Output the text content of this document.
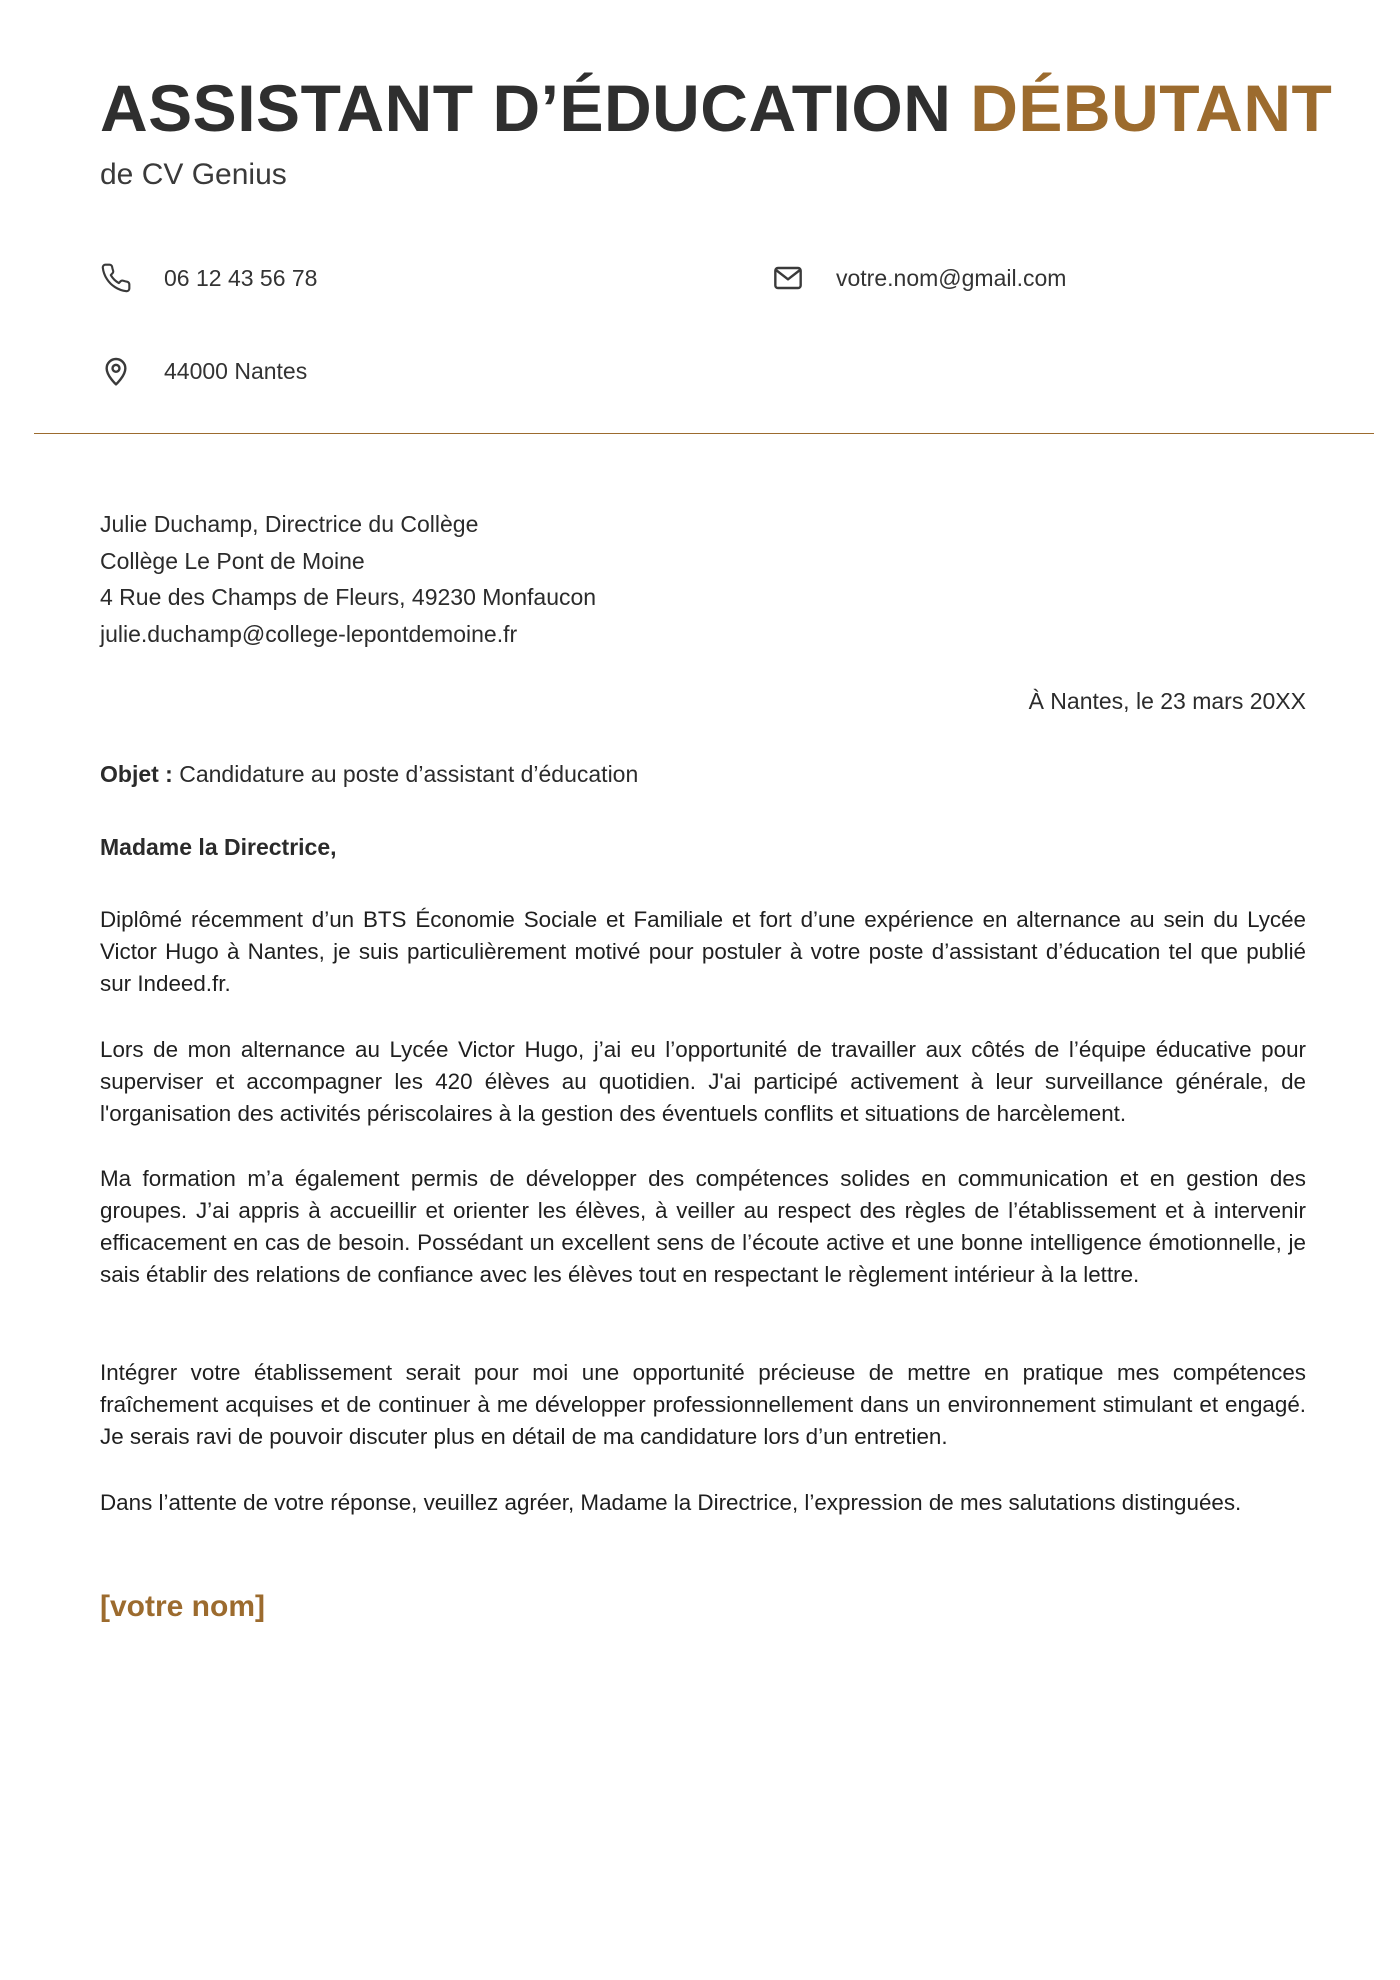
ASSISTANT D’ÉDUCATION DÉBUTANT
de CV Genius
06 12 43 56 78	votre.nom@gmail.com
44000 Nantes
Julie Duchamp, Directrice du Collège
Collège Le Pont de Moine
4 Rue des Champs de Fleurs, 49230 Monfaucon
julie.duchamp@college-lepontdemoine.fr
À Nantes, le 23 mars 20XX
Objet : Candidature au poste d’assistant d’éducation
Madame la Directrice,

Diplômé récemment d’un BTS Économie Sociale et Familiale et fort d’une expérience en alternance au sein du Lycée Victor Hugo à Nantes, je suis particulièrement motivé pour postuler à votre poste d’assistant d’éducation tel que publié sur Indeed.fr.

Lors de mon alternance au Lycée Victor Hugo, j’ai eu l’opportunité de travailler aux côtés de l’équipe éducative pour superviser et accompagner les 420 élèves au quotidien. J'ai participé activement à leur surveillance générale, de l'organisation des activités périscolaires à la gestion des éventuels conflits et situations de harcèlement.

Ma formation m’a également permis de développer des compétences solides en communication et en gestion des groupes. J’ai appris à accueillir et orienter les élèves, à veiller au respect des règles de l’établissement et à intervenir efficacement en cas de besoin. Possédant un excellent sens de l’écoute active et une bonne intelligence émotionnelle, je sais établir des relations de confiance avec les élèves tout en respectant le règlement intérieur à la lettre.

Intégrer votre établissement serait pour moi une opportunité précieuse de mettre en pratique mes compétences fraîchement acquises et de continuer à me développer professionnellement dans un environnement stimulant et engagé. Je serais ravi de pouvoir discuter plus en détail de ma candidature lors d’un entretien.

Dans l’attente de votre réponse, veuillez agréer, Madame la Directrice, l’expression de mes salutations distinguées.

[votre nom]
